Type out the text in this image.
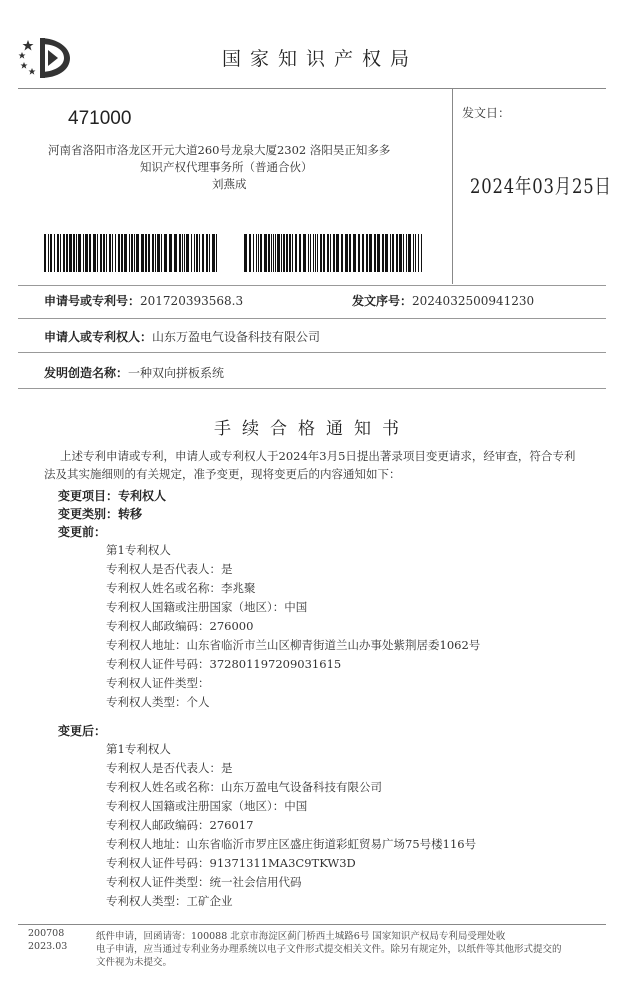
国家知识产权局
471000
河南省洛阳市洛龙区开元大道260号龙泉大厦2302 洛阳昊正知多多
知识产权代理事务所（普通合伙）
刘燕成
发文日：
2024年03月25日
申请号或专利号：201720393568.3	发文序号：2024032500941230
申请人或专利权人：山东万盈电气设备科技有限公司
发明创造名称：一种双向拼板系统
手续合格通知书
上述专利申请或专利，申请人或专利权人于2024年3月5日提出著录项目变更请求，经审查，符合专利
法及其实施细则的有关规定，准予变更，现将变更后的内容通知如下：
变更项目：专利权人
变更类别：转移
变更前：
第1专利权人
专利权人是否代表人：是
专利权人姓名或名称：李兆聚
专利权人国籍或注册国家（地区）：中国
专利权人邮政编码：276000
专利权人地址：山东省临沂市兰山区柳青街道兰山办事处紫荆居委1062号
专利权人证件号码：372801197209031615
专利权人证件类型：
专利权人类型：个人
变更后：
第1专利权人
专利权人是否代表人：是
专利权人姓名或名称：山东万盈电气设备科技有限公司
专利权人国籍或注册国家（地区）：中国
专利权人邮政编码：276017
专利权人地址：山东省临沂市罗庄区盛庄街道彩虹贸易广场75号楼116号
专利权人证件号码：91371311MA3C9TKW3D
专利权人证件类型：统一社会信用代码
专利权人类型：工矿企业
200708
2023.03
纸件申请，回函请寄：100088 北京市海淀区蓟门桥西土城路6号 国家知识产权局专利局受理处收
电子申请，应当通过专利业务办理系统以电子文件形式提交相关文件。除另有规定外，以纸件等其他形式提交的
文件视为未提交。
